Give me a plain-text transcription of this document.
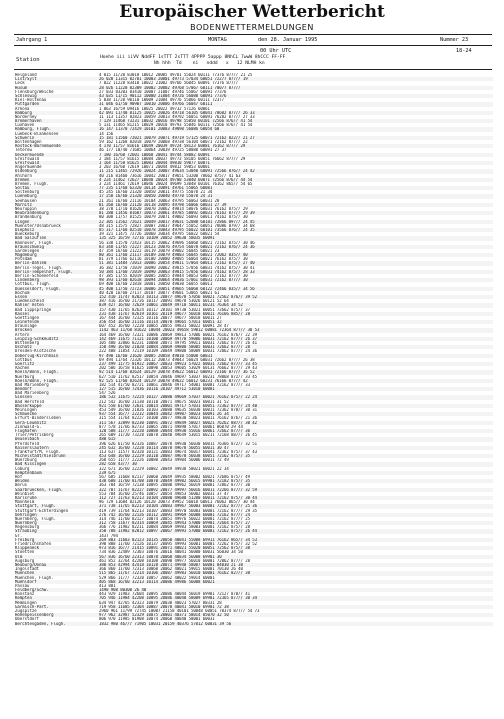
Europäischer Wetterbericht
BODENWETTERMELDUNGEN
Jahrgang 1	MONTAG	den 28. Januar 1995	Nummer 23
00 Uhr UTC	18-24
Station	Hoehe iii iiVV NddFF 1sTTT 2sTTT 4PPPP 5appp 8NhCL 7wwW 8hCCC FF-FF
Nh hhh  Td    ni   nddd   x   12 NLMH kn
Helgoland	4 015 11/20 83018 10012 20005 49781 55024 60111 77376 877// 21 25
List/Sylt	26 020 11315 82701 10003 20001 49773 57034 60051 72277 877// 19
Leck	7 022 11228 83410 10022 21002 49766 56045 60091 77376 877//
Husum	28 026 11220 82309 10002 20002 49768 57067 60111 70077 877//
Flensburg/Weiche	27 033 83203 83410 10007 21007 49746 55067 60091 77376
Schleswig	43 035 11/15 90112 10000 21004 49726 56080 60091 77376
Kiel-Holtenau	5 038 11/20 90110 10009 21004 49776 55066 60111 72377
Puttgarden	31 046 61/50 90907 10010 20006 49766 56047 60111
Arkona	1 063 16/59 09416 10025 20022 49732 57126 60061
Hamburg	42 091 11/40 81125 10025 20026 49718 56105 60041 78682 877// 26 33
Norderney	11 113 11357 82823 10059 20013 49792 56051 60091 76282 877// 27 33
Bremerhaven	7 129 11468 73231 10032 20016 49798 55050 60101 72566 876// 41 54
Cuxhaven	5 131 11465 81215 10029 20018 49793 55046 60111 72566 876// 41 54
Hamburg, Flugh.	16 147 11370 72429 10101 20083 49890 56086 60054 60
Luebeck-Blankensee	14 156
Schwerin	15 181 11560 72021 10079 20071 49719 57125 60071 72162 822// 21 27
Boltenhagen	59 162 11268 82018 10079 20068 49738 56104 60071 72162 877// 22
Rostock-Warnemuende	4 170 11/57 81616 10049 20039 49724 58123 60081 76162 877// 29
Teterow	46 177 10/40 71605 10064 20039 49725 58088 60091 27 37
Ueckermuende	7 180 16/60 72601 10068 20041 49744 58082 60091
Greifswald	2 184 11/57 81615 10084 20037 49773 58105 60051 76662 877// 29
Greifswald	1 164 11/58 81625 10083 20044 49810 59077 60071
Angermuende	3 203 16/60 72619 10071 20044 49812 59053 60081
Oldenburg	11 215 11465 72926 10024 20007 49634 53040 60091 72566 876// 24 42
Ahlhorn	40 216 81460 73616 10042 20017 49651 53200 78662 875// 41 63
Bremen	4 224 11462 72627 10048 20024 49700 53040 60071 72566 876// 44 54
Bremen, Flugh.	3 224 11461 72619 10046 20024 49699 53048 60101 76162 865// 54 65
Soltau	77 235 11/60 62320 10114 20091 49761 55065 60081
Soltenburg	45 245 16/60 21320 10050 20011 49775 55070 21 34
Lueneburg	17 250 16/60 21320 10050 20040 49770 55070 24 31
Seehausen	21 261 16/60 21116 10104 20063 49795 56063 60031 28
Marnitz	81 268 16/60 21120 10118 20095 49798 56066 60031 27 39
Neuruppin	38 270 11/10 81620 10070 20062 49814 58076 60031 76162 875// 29
Neubrandenburg	81 280 11456 81607 10073 20061 49785 58092 60031 76162 877// 29 39
Brandenburg	80 308 11/57 81525 10079 20071 49802 56093 60011 74162 875// 30
Lingen	22 305 11562 72621 10049 20017 49631 52080 60181 72866 897// 24 45
Muenster/Osnabrueck	48 315 11575 72827 10087 20037 49647 55052 60051 78086 879// 34 68
Diepholz	85 317 11/60 82510 10078 20043 49795 56022 60101 73566 876// 24 35
Bueckeburg	39 321 11475 72726 10060 20034 49795 56022 60021 54
Bad Salzuflen	135 325 16/59 72716 10109 20052 49638 58035 60091
Hannover, Flugh.	56 338 11570 72423 10115 20062 49696 56060 60021 72162 875// 30 46
Braunschweig	83 348 11/65 72227 10123 20076 49754 56078 60021 72162 876// 24 36
Gardelegen	47 359 16/60 21222 10119 20079 49802 56045 60021 23
Magdeburg	80 361 11/60 21117 10109 20079 49803 56045 60021 72062 835// 40
Potsdam	81 379 11766 62116 10100 20080 49805 56064 60021 76162 875// 30
Berlin-Dahlem	51 381 11484 72013 10086 20054 49811 57064 60011 72162 875// 27 40
Berlin-Tegel, Flugh.	36 382 11/50 72019 10090 20062 49815 57056 60031 74162 875// 30 41
Berlin-Tempelhof, Flugh.	50 384 11/60 72019 10090 20063 49815 57056 60031 74162 875// 28 33
Berlin-Schoenefeld	47 385 11/55 82019 10085 20055 49844 58053 60071 72162 877// 30
Lindenberg	98 393 11/60 82618 10094 20064 49836 57061 60031 72162 877// 30
Cottbus, Flugh.	69 400 16/60 21818 10081 20050 49830 56055 60011
Duesseldorf, Flugh.	45 400 11/50 72723 10086 20051 49665 56068 60122 72466 835// 34 56
Bochum	40 420 16/60 27117 10107 20077 49681 53065 60021 61
Essen	152 410 11/47 82023 10113 20077 49678 57056 60021 72562 876// 39 52
Luedenscheid	387 416 16/60 21726 10117 20091 49678 53026 60121 52 64
Kahler Asten	839 427 16/60 72629 10061 20049 49710 50011 60231 76364 34 52
Bad Lippspringe	157 430 11/65 82624 10117 20101 49730 53021 60051 72662 875// 37
Kassel	231 438 11/67 82619 10161 20119 49677 56018 60011 76166 885// 28
Goettingen	167 444 16/60 72325 10116 20077 49677 58018 60011 27
Leinefelde	356 454 16/60 21116 10114 20078 49665 57013 60051 32
Braunlage	607 452 16/60 72220 10065 20055 49831 58022 60091 28 47
Brocken	1142 463 11/60 81622 10044 20023 49658 59012 60081 72364 877// 38 53
Artern	164 469 16/60 72321 10086 20069 49813 57006 60021 76162 876// 22 39
Leipzig-Schkeuditz	142 469 11675 71121 10100 20069 49778 59006 60031 72162 877// 26 37
Wittenberg	105 480 32866 82231 10088 20071 49795 59011 60031 72662 877// 26 41
Oschatz	150 490 16/60 21020 10084 20069 49808 58005 60031 72662 877// 28
Dresden-Klotzsche	222 488 11854 72119 10109 20049 49808 58009 60031 72062 877// 24 36
Doberlug-Kirchhain	97 490 16/60 21620 10085 20058 49810 55008 60031
Cottbus	69 494 11/64 72326 10112 20073 49843 56024 60031 72662 877// 26 38
Goerlitz	237 499 11/75 81922 10067 20033 49923 57022 60031 72662 877// 33 45
Aachen	202 506 16/58 81625 10090 20053 49605 53029 60131 76662 877// 29 43
Koeln/Bonn, Flugh.	92 514 11/60 82624 10129 20078 49622 56012 60091 72166 877// 36 52
Nuerburg	627 510 11/62 82517 10054 20046 49697 53037 60231 78068 872// 33 45
Koeln/Bonn, Flugh.	92 525 11/60 82624 10129 20078 49622 56012 60231 76166 877// 42
Bad Marienberg	182 514 41/50 82721 10061 20046 49717 54001 60081 72162 877// 33
Bendorf	127 515 16/60 72436 10116 20107 49712 53010 60081
Bad Marienberg	547 526
Giessen	186 532 11675 72224 10127 20080 49669 57037 60021 76162 875// 22 24
Bad Hersfeld	212 542 16/60 21130 10110 20071 49675 56023 60011 31 52
Wasserkuppe	921 550 61/60 72631 10014 20001 49717 57031 60051 72362 877// 24 40
Meiningen	453 549 16/60 21826 10103 20080 49635 56030 60011 72362 878// 30 31
Schmuecke	937 554 16/// 22232 10044 20042 49907 58023 60091 26 34
Erfurt-Bindersleben	315 554 11/64 82227 10100 20077 49830 58023 60011 76162 876// 21 36
Gera-Leumnitz	311 567 32899 82230 10091 20072 49849 58027 60021 76262 887// 30 42
Zinnwald-G.	877 578 11/66 82733 10065 20071 49898 57017 60061 86070 29 44
Flughafen	120 588 11/// 22220 10088 20044 49938 55016 60061 72662 877// 36
Trier/Petrisberg	265 609 11/20 73228 10078 20040 49649 53015 60211 72168 887// 26 45
Deuselbach	480 615
Pferdsfeld	396 626 61/50 82326 10087 20078 49930 56030 60011 76366 872// 32 51
Kaiserslautern	245 632 16/60 72228 10114 20078 49678 56055 60011 30 47
Frankfurt/M, Flugh.	113 637 11577 82320 10121 20083 49674 56017 60041 72362 875// 37 43
Michelstadt/Vielbrunn	453 648 16/60 22229 10110 20087 49670 56038 60051 72162 875// 35
Wuerzburg	268 655 11/// 22226 10080 20043 49904 56006 60011 72 49
Bad Kissingen	282 658 43/// 30
Coburg	322 671 16/60 22229 10082 20049 49938 58021 60021 22 34
Kemptenbaum	239 675
Hof	567 685 11668 82117 10060 20049 49935 58002 60021 72686 875// 49
Weiden	438 688 11/60 81708 10070 20049 49982 56015 69901 72182 875// 35
Berus	363 704 16/59 72138 10095 20080 49962 56019 60001 72862 877// 30
Saarbruecken, Flugh.	322 707 11/67 82227 10092 20077 49997 56016 60011 72266 877// 32 59
Weinbiet	553 704 16/60 25/46 10057 20054 49853 56002 60031 37 47
Karlsruhe	112 727 11/63 82213 10104 20080 49680 51200 60011 72162 875// 30 44
Mannheim	96 729 11684 82126 10120 20073 49952 56018 60011 76062 865// 30 44
Stuttgart, Flugh.	371 738 11/65 82213 10104 20083 49967 56003 60001 72162 877// 25 36
Stuttgart-Echterdingen	419 739 11/64 82213 10107 20083 49970 56003 60001 72162 877// 29 35
Oehringen	276 742 16/60 22126 10112 20091 49969 56008 60001 72162 877// 24
Nuernberg, Flugh.	314 746 11/60 82127 10074 20051 49976 56022 60001 72162 877// 25
Nuernberg	312 758 11677 82314 10069 20045 49943 57000 69901 72664 875// 27
Regensburg	366 776 11982 82211 10084 20069 49983 58003 60001 72162 875// 28
Straubing	350 788 11982 82012 10097 20067 49993 57000 60001 72162 875// 26 44
Gr.	1437 794
Freiburg	269 803 11683 82123 10135 20050 40041 55008 69911 76162 865// 34 53
Friedrichshafen	398 808 11/60 72126 10137 20095 49993 56001 60001 72262 875// 32 52
Klippeneck	973 816 16/// 21415 10091 20071 40021 55020 60051 72562 875// 38
Stoetten	734 836 22489 72303 10076 20016 40041 56000 60031 56030 34 50
Ulm	567 836 16/60 22313 10078 20068 40034 56008 69901 30
Augsburg	461 852 32764 42208 10108 20090 49977 56010 60001 72062 877// 28
Neuburg/Donau	380 853 42994 42418 10128 20071 49948 58007 60001 84030 21 38
Ingolstadt	366 860 11/60 72313 10060 20062 40021 59015 60001 70130 26 40
Muenchen	515 865 11/67 72214 10106 20087 49983 56010 60001 76162 827// 38
Muenchen, Flugh.	529 866 11/// 72320 10057 20062 40022 59014 60001
Muehldorf	405 868 16/60 32213 10114 20086 49986 56008 60021
Passau	413 881
Feldberg/Schw.	1490 908 80300 26 40
Konstanz	443 929 11983 72604 10095 20086 40044 56019 69901 72127 870// 41
Kempten	705 946 11984 42208 10095 20086 40040 58009 69901 72365 877// 30 34
Memmingen	634 947 42765 42323 10079 20038 40023 57027 80331 28
Garmisch-Part.	719 958 11685 72304 10087 20078 40041 58010 69901 72 38
Zugspitze	2960 961 11/99 72745 10007 21158 40101 50048 60051 70374 877// 54 73
Hohenpeissenberg	977 962 32987 52329 10075 20001 40371 58014 85070 32 50
Oberstdorf	806 970 11985 81908 10074 20060 40040 58001 60031
Berchtesgaden, Flugh.	1832 980 46/// 71905 10031 20159 40376 57012 60031 39 56
